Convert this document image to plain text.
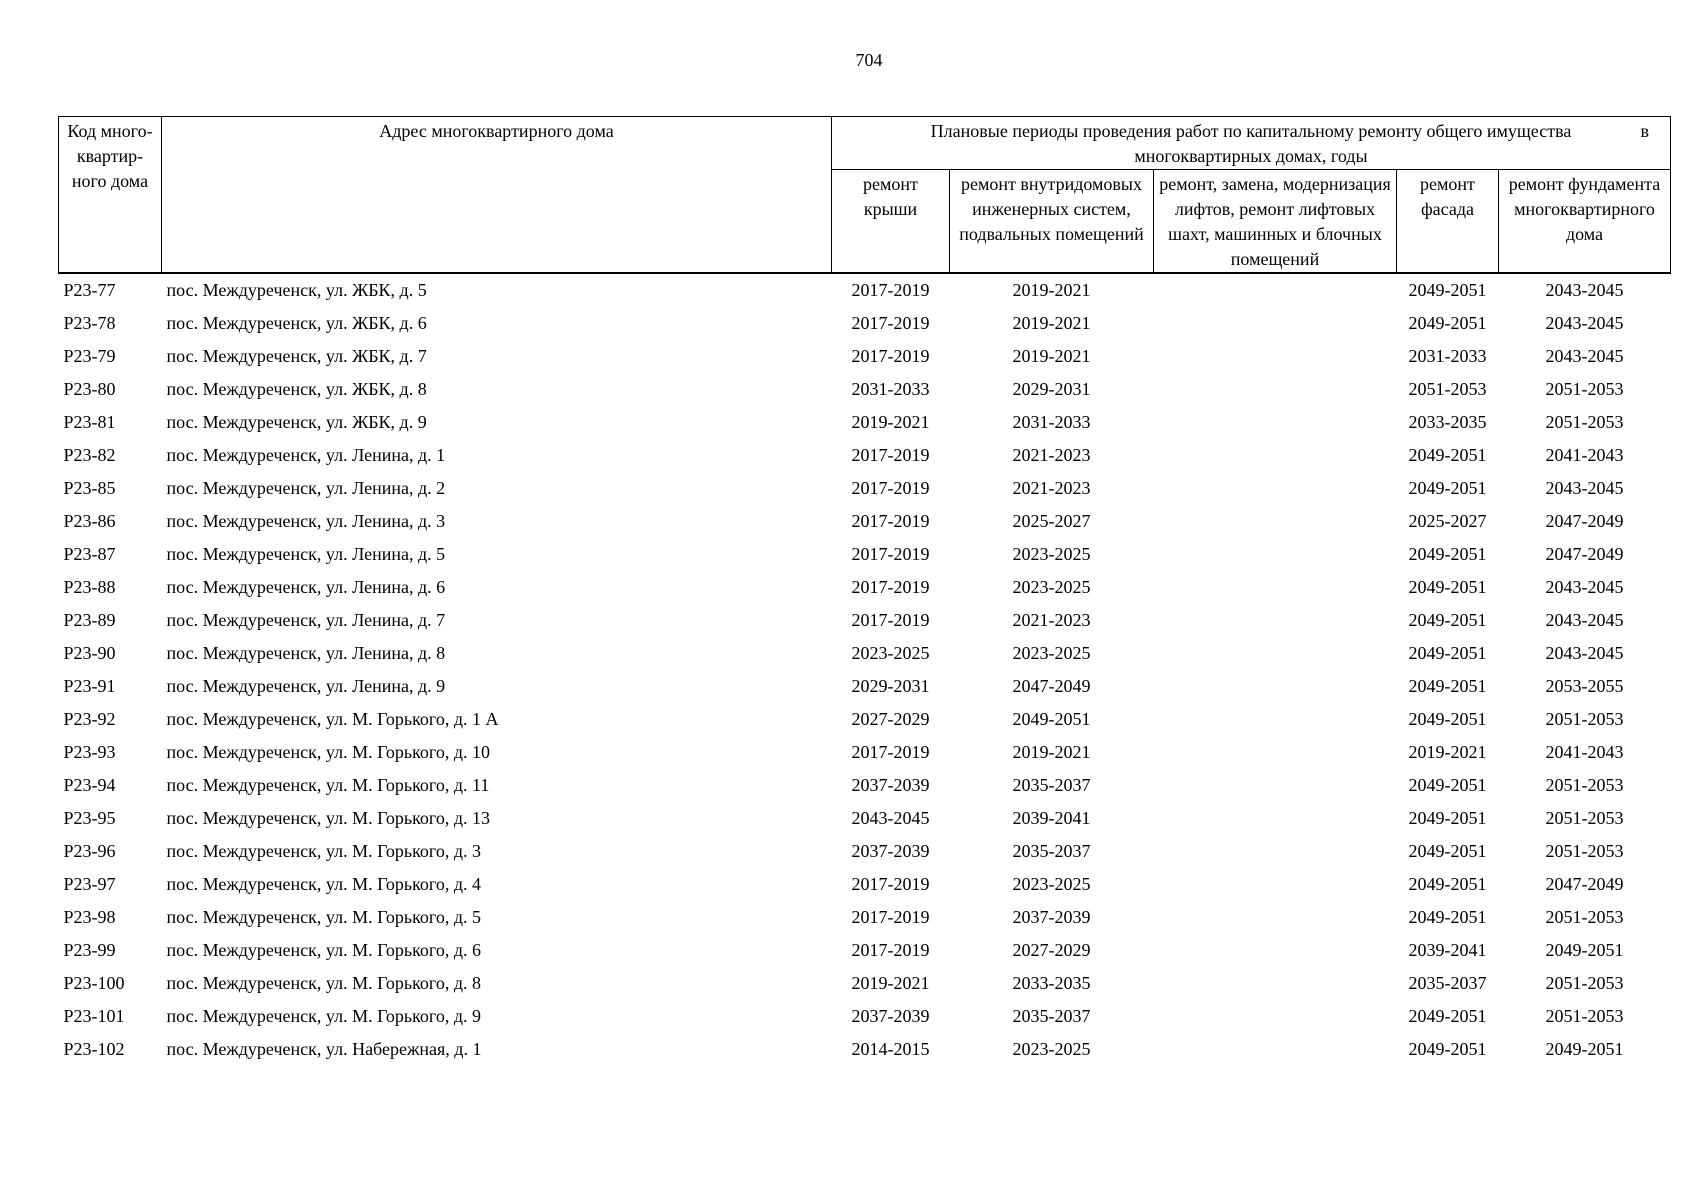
704
Код много-квартир-ного дома	Адрес многоквартирного дома	Плановые периоды проведения работ по капитальному ремонту общего имущества в
многоквартирных домах, годы				

		ремонт крыши	ремонт внутридомовых инженерных систем, подвальных помещений	ремонт, замена, модернизация лифтов, ремонт лифтовых шахт, машинных и блочных помещений	ремонт фасада	ремонт фундамента многоквартирного дома
Р23-77	пос. Междуреченск, ул. ЖБК, д. 5	2017-2019	2019-2021		2049-2051	2043-2045
Р23-78	пос. Междуреченск, ул. ЖБК, д. 6	2017-2019	2019-2021		2049-2051	2043-2045
Р23-79	пос. Междуреченск, ул. ЖБК, д. 7	2017-2019	2019-2021		2031-2033	2043-2045
Р23-80	пос. Междуреченск, ул. ЖБК, д. 8	2031-2033	2029-2031		2051-2053	2051-2053
Р23-81	пос. Междуреченск, ул. ЖБК, д. 9	2019-2021	2031-2033		2033-2035	2051-2053
Р23-82	пос. Междуреченск, ул. Ленина, д. 1	2017-2019	2021-2023		2049-2051	2041-2043
Р23-85	пос. Междуреченск, ул. Ленина, д. 2	2017-2019	2021-2023		2049-2051	2043-2045
Р23-86	пос. Междуреченск, ул. Ленина, д. 3	2017-2019	2025-2027		2025-2027	2047-2049
Р23-87	пос. Междуреченск, ул. Ленина, д. 5	2017-2019	2023-2025		2049-2051	2047-2049
Р23-88	пос. Междуреченск, ул. Ленина, д. 6	2017-2019	2023-2025		2049-2051	2043-2045
Р23-89	пос. Междуреченск, ул. Ленина, д. 7	2017-2019	2021-2023		2049-2051	2043-2045
Р23-90	пос. Междуреченск, ул. Ленина, д. 8	2023-2025	2023-2025		2049-2051	2043-2045
Р23-91	пос. Междуреченск, ул. Ленина, д. 9	2029-2031	2047-2049		2049-2051	2053-2055
Р23-92	пос. Междуреченск, ул. М. Горького, д. 1 А	2027-2029	2049-2051		2049-2051	2051-2053
Р23-93	пос. Междуреченск, ул. М. Горького, д. 10	2017-2019	2019-2021		2019-2021	2041-2043
Р23-94	пос. Междуреченск, ул. М. Горького, д. 11	2037-2039	2035-2037		2049-2051	2051-2053
Р23-95	пос. Междуреченск, ул. М. Горького, д. 13	2043-2045	2039-2041		2049-2051	2051-2053
Р23-96	пос. Междуреченск, ул. М. Горького, д. 3	2037-2039	2035-2037		2049-2051	2051-2053
Р23-97	пос. Междуреченск, ул. М. Горького, д. 4	2017-2019	2023-2025		2049-2051	2047-2049
Р23-98	пос. Междуреченск, ул. М. Горького, д. 5	2017-2019	2037-2039		2049-2051	2051-2053
Р23-99	пос. Междуреченск, ул. М. Горького, д. 6	2017-2019	2027-2029		2039-2041	2049-2051
Р23-100	пос. Междуреченск, ул. М. Горького, д. 8	2019-2021	2033-2035		2035-2037	2051-2053
Р23-101	пос. Междуреченск, ул. М. Горького, д. 9	2037-2039	2035-2037		2049-2051	2051-2053
Р23-102	пос. Междуреченск, ул. Набережная, д. 1	2014-2015	2023-2025		2049-2051	2049-2051
